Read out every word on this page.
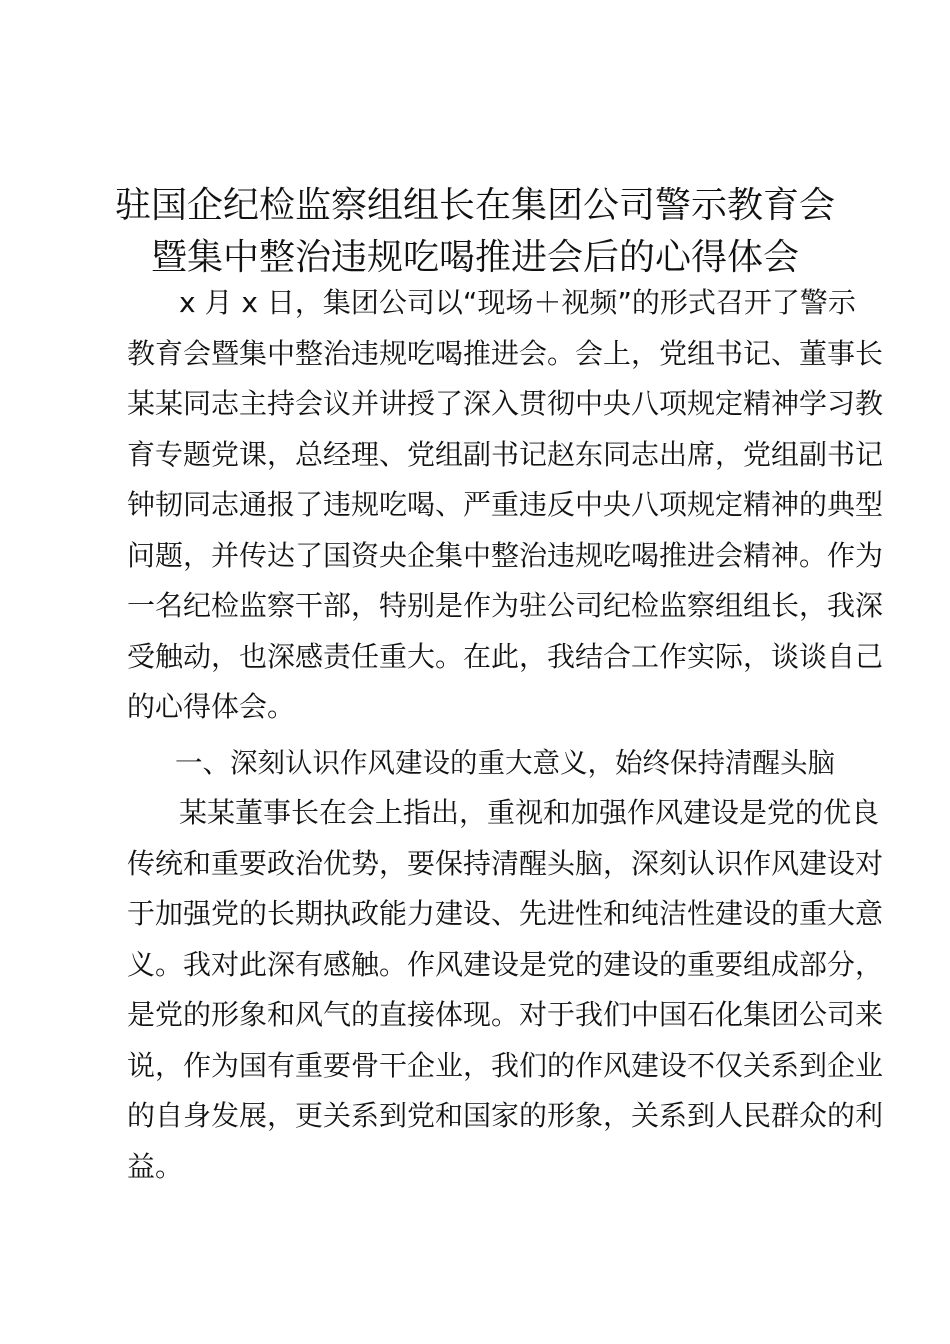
驻国企纪检监察组组长在集团公司警示教育会
暨集中整治违规吃喝推进会后的心得体会
x 月 x 日，集团公司以“现场＋视频”的形式召开了警示
教育会暨集中整治违规吃喝推进会。会上，党组书记、董事长
某某同志主持会议并讲授了深入贯彻中央八项规定精神学习教
育专题党课，总经理、党组副书记赵东同志出席，党组副书记
钟韧同志通报了违规吃喝、严重违反中央八项规定精神的典型
问题，并传达了国资央企集中整治违规吃喝推进会精神。作为
一名纪检监察干部，特别是作为驻公司纪检监察组组长，我深
受触动，也深感责任重大。在此，我结合工作实际，谈谈自己
的心得体会。
一、深刻认识作风建设的重大意义，始终保持清醒头脑
某某董事长在会上指出，重视和加强作风建设是党的优良
传统和重要政治优势，要保持清醒头脑，深刻认识作风建设对
于加强党的长期执政能力建设、先进性和纯洁性建设的重大意
义。我对此深有感触。作风建设是党的建设的重要组成部分，
是党的形象和风气的直接体现。对于我们中国石化集团公司来
说，作为国有重要骨干企业，我们的作风建设不仅关系到企业
的自身发展，更关系到党和国家的形象，关系到人民群众的利
益。
